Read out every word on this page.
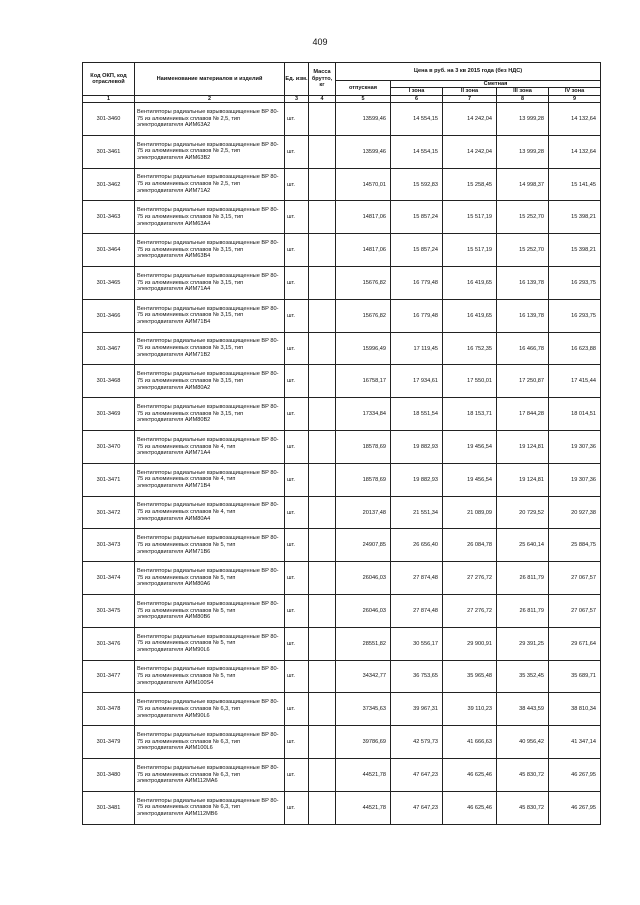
409
Код ОКП, код отраслевой	Наименование материалов и изделий	Ед. изм.	Масса брутто, кг	Цена в руб. на 3 кв 2015 года (без НДС)				
				отпускная	Сметная			
					I зона	II зона	III зона	IV зона
1	2	3	4	5	6	7	8	9
301-3460	Вентиляторы радиальные взрывозащищенные ВР 80-75 из алюминиевых сплавов № 2,5, тип электродвигателя АИМ63А2	шт.		13599,46	14 554,15	14 242,04	13 999,28	14 132,64
301-3461	Вентиляторы радиальные взрывозащищенные ВР 80-75 из алюминиевых сплавов № 2,5, тип электродвигателя АИМ63В2	шт.		13599,46	14 554,15	14 242,04	13 999,28	14 132,64
301-3462	Вентиляторы радиальные взрывозащищенные ВР 80-75 из алюминиевых сплавов № 2,5, тип электродвигателя АИМ71А2	шт.		14570,01	15 592,83	15 258,45	14 998,37	15 141,45
301-3463	Вентиляторы радиальные взрывозащищенные ВР 80-75 из алюминиевых сплавов № 3,15, тип электродвигателя АИМ63А4	шт.		14817,06	15 857,24	15 517,19	15 252,70	15 398,21
301-3464	Вентиляторы радиальные взрывозащищенные ВР 80-75 из алюминиевых сплавов № 3,15, тип электродвигателя АИМ63В4	шт.		14817,06	15 857,24	15 517,19	15 252,70	15 398,21
301-3465	Вентиляторы радиальные взрывозащищенные ВР 80-75 из алюминиевых сплавов № 3,15, тип электродвигателя АИМ71А4	шт.		15676,82	16 779,48	16 419,65	16 139,78	16 293,75
301-3466	Вентиляторы радиальные взрывозащищенные ВР 80-75 из алюминиевых сплавов № 3,15, тип электродвигателя АИМ71В4	шт.		15676,82	16 779,48	16 419,65	16 139,78	16 293,75
301-3467	Вентиляторы радиальные взрывозащищенные ВР 80-75 из алюминиевых сплавов № 3,15, тип электродвигателя АИМ71В2	шт.		15996,49	17 119,45	16 752,35	16 466,78	16 623,88
301-3468	Вентиляторы радиальные взрывозащищенные ВР 80-75 из алюминиевых сплавов № 3,15, тип электродвигателя АИМ80А2	шт.		16758,17	17 934,61	17 550,01	17 250,87	17 415,44
301-3469	Вентиляторы радиальные взрывозащищенные ВР 80-75 из алюминиевых сплавов № 3,15, тип электродвигателя АИМ80В2	шт.		17334,84	18 551,54	18 153,71	17 844,28	18 014,51
301-3470	Вентиляторы радиальные взрывозащищенные ВР 80-75 из алюминиевых сплавов № 4, тип электродвигателя АИМ71А4	шт.		18578,69	19 882,93	19 456,54	19 124,81	19 307,36
301-3471	Вентиляторы радиальные взрывозащищенные ВР 80-75 из алюминиевых сплавов № 4, тип электродвигателя АИМ71В4	шт.		18578,69	19 882,93	19 456,54	19 124,81	19 307,36
301-3472	Вентиляторы радиальные взрывозащищенные ВР 80-75 из алюминиевых сплавов № 4, тип электродвигателя АИМ80А4	шт.		20137,48	21 551,34	21 089,09	20 729,52	20 927,38
301-3473	Вентиляторы радиальные взрывозащищенные ВР 80-75 из алюминиевых сплавов № 5, тип электродвигателя АИМ71В6	шт.		24907,85	26 656,40	26 084,78	25 640,14	25 884,75
301-3474	Вентиляторы радиальные взрывозащищенные ВР 80-75 из алюминиевых сплавов № 5, тип электродвигателя АИМ80А6	шт.		26046,03	27 874,48	27 276,72	26 811,79	27 067,57
301-3475	Вентиляторы радиальные взрывозащищенные ВР 80-75 из алюминиевых сплавов № 5, тип электродвигателя АИМ80В6	шт.		26046,03	27 874,48	27 276,72	26 811,79	27 067,57
301-3476	Вентиляторы радиальные взрывозащищенные ВР 80-75 из алюминиевых сплавов № 5, тип электродвигателя АИМ90L6	шт.		28551,82	30 556,17	29 900,91	29 391,25	29 671,64
301-3477	Вентиляторы радиальные взрывозащищенные ВР 80-75 из алюминиевых сплавов № 5, тип электродвигателя АИМ100S4	шт.		34342,77	36 753,65	35 965,48	35 352,45	35 689,71
301-3478	Вентиляторы радиальные взрывозащищенные ВР 80-75 из алюминиевых сплавов № 6,3, тип электродвигателя АИМ90L6	шт.		37345,63	39 967,31	39 110,23	38 443,59	38 810,34
301-3479	Вентиляторы радиальные взрывозащищенные ВР 80-75 из алюминиевых сплавов № 6,3, тип электродвигателя АИМ100L6	шт.		39786,69	42 579,73	41 666,63	40 956,42	41 347,14
301-3480	Вентиляторы радиальные взрывозащищенные ВР 80-75 из алюминиевых сплавов № 6,3, тип электродвигателя АИМ112МА6	шт.		44521,78	47 647,23	46 625,46	45 830,72	46 267,95
301-3481	Вентиляторы радиальные взрывозащищенные ВР 80-75 из алюминиевых сплавов № 6,3, тип электродвигателя АИМ112МВ6	шт.		44521,78	47 647,23	46 625,46	45 830,72	46 267,95
